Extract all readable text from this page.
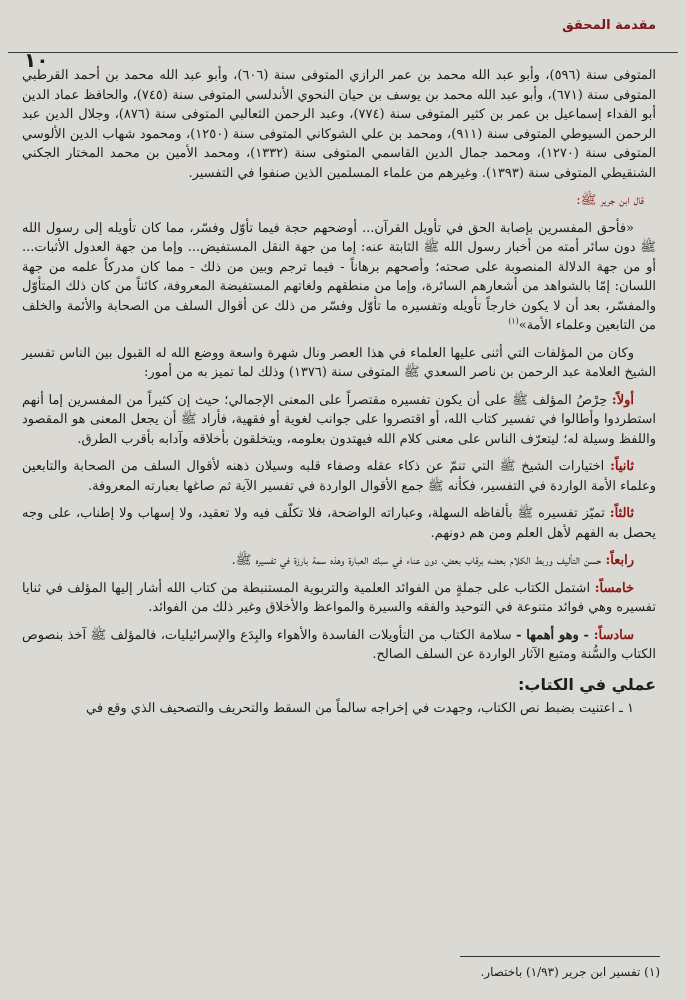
مقدمة المحقق
١٠

المتوفى سنة (٥٩٦)، وأبو عبد الله محمد بن عمر الرازي المتوفى سنة (٦٠٦)، وأبو عبد الله محمد بن أحمد القرطبي المتوفى سنة (٦٧١)، وأبو عبد الله محمد بن يوسف بن حيان النحوي الأندلسي المتوفى سنة (٧٤٥)، والحافظ عماد الدين أبو الفداء إسماعيل بن عمر بن كثير المتوفى سنة (٧٧٤)، وعبد الرحمن الثعالبي المتوفى سنة (٨٧٦)، وجلال الدين عبد الرحمن السيوطي المتوفى سنة (٩١١)، ومحمد بن علي الشوكاني المتوفى سنة (١٢٥٠)، ومحمود شهاب الدين الألوسي المتوفى سنة (١٢٧٠)، ومحمد جمال الدين القاسمي المتوفى سنة (١٣٣٢)، ومحمد الأمين بن محمد المختار الجكني الشنقيطي المتوفى سنة (١٣٩٣). وغيرهم من علماء المسلمين الذين صنفوا في التفسير.

قال ابن جرير ﷺ:

«فأحق المفسرين بإصابة الحق في تأويل القرآن... أوضحهم حجة فيما تأوّل وفسّر، مما كان تأويله إلى رسول الله ﷺ دون سائر أمته من أخبار رسول الله ﷺ الثابتة عنه: إما من جهة النقل المستفيض... وإما من جهة العدول الأثبات... أو من جهة الدلالة المنصوبة على صحته؛ وأصحهم برهاناً - فيما ترجم وبين من ذلك - مما كان مدركاً علمه من جهة اللسان: إمّا بالشواهد من أشعارهم السائرة، وإما من منطقهم ولغاتهم المستفيضة المعروفة، كائناً من كان ذلك المتأوّل والمفسّر، بعد أن لا يكون خارجاً تأويله وتفسيره ما تأوّل وفسّر من ذلك عن أقوال السلف من الصحابة والأئمة والخلف من التابعين وعلماء الأمة»$^{(١)}$

وكان من المؤلفات التي أثنى عليها العلماء في هذا العصر ونال شهرة واسعة ووضع الله له القبول بين الناس تفسير الشيخ العلامة عبد الرحمن بن ناصر السعدي ﷺ المتوفى سنة (١٣٧٦) وذلك لما تميز به من أمور:

أولاً: حِرْصُ المؤلف ﷺ على أن يكون تفسيره مقتصراً على المعنى الإجمالي؛ حيث إن كثيراً من المفسرين إما أنهم استطردوا وأطالوا في تفسير كتاب الله، أو اقتصروا على جوانب لغوية أو فقهية، فأراد ﷺ أن يجعل المعنى هو المقصود واللفظ وسيلة له؛ ليتعرّف الناس على معنى كلام الله فيهتدون بعلومه، ويتخلقون بأخلاقه وآدابه بأقرب الطرق.

ثانياً: اختيارات الشيخ ﷺ التي تنمّ عن ذكاء عقله وصفاء قلبه وسيلان ذهنه لأقوال السلف من الصحابة والتابعين وعلماء الأمة الواردة في التفسير، فكأنه ﷺ جمع الأقوال الواردة في تفسير الآية ثم صاغها بعبارته المعروفة.

ثالثاً: تميّز تفسيره ﷺ بألفاظه السهلة، وعباراته الواضحة، فلا تكلّف فيه ولا تعقيد، ولا إسهاب ولا إطناب، على وجه يحصل به الفهم لأهل العلم ومن هم دونهم.

رابعاً: حسن التأليف وربط الكلام بعضه برقاب بعض، دون عناء في سبك العبارة وهذه سمة بارزة في تفسيره ﷺ.

خامساً: اشتمل الكتاب على جملةٍ من الفوائد العلمية والتربوية المستنبطة من كتاب الله أشار إليها المؤلف في ثنايا تفسيره وهي فوائد متنوعة في التوحيد والفقه والسيرة والمواعظ والأخلاق وغير ذلك من الفوائد.

سادساً: - وهو أهمها - سلامة الكتاب من التأويلات الفاسدة والأهواء والبِدَع والإسرائيليات، فالمؤلف ﷺ آخذ بنصوص الكتاب والسُّنة ومتبع الآثار الواردة عن السلف الصالح.

عملي في الكتاب:

١ ـ اعتنيت بضبط نص الكتاب، وجهدت في إخراجه سالماً من السقط والتحريف والتصحيف الذي وقع في

(١) تفسير ابن جرير (١/٩٣) باختصار.
